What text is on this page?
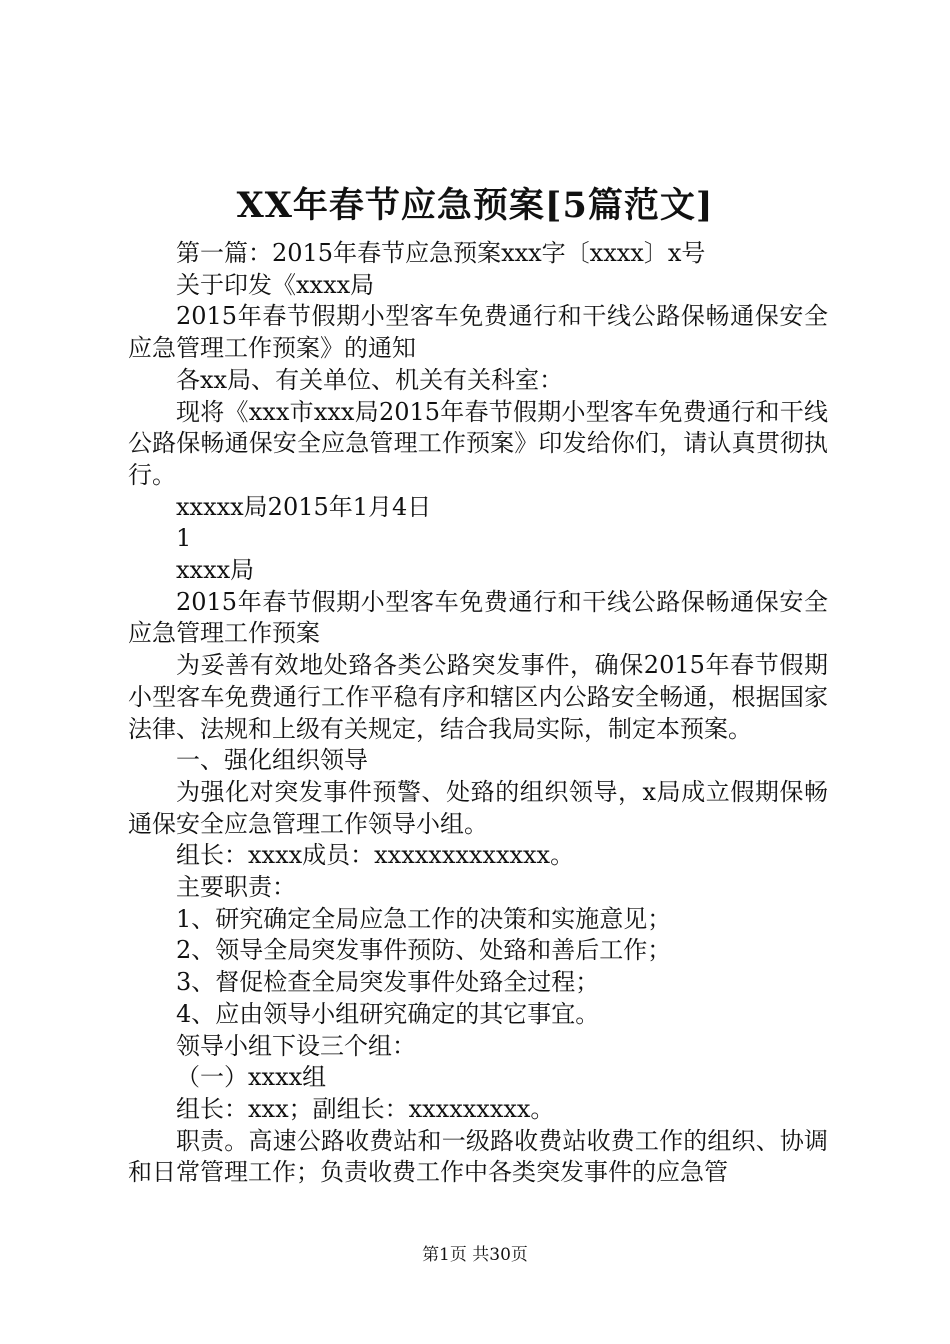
XX年春节应急预案[5篇范文]

第一篇：2015年春节应急预案xxx字〔xxxx〕x号

关于印发《xxxx局

2015年春节假期小型客车免费通行和干线公路保畅通保安全应急管理工作预案》的通知

各xx局、有关单位、机关有关科室：

现将《xxx市xxx局2015年春节假期小型客车免费通行和干线公路保畅通保安全应急管理工作预案》印发给你们，请认真贯彻执行。

xxxxx局2015年1月4日

1

xxxx局

2015年春节假期小型客车免费通行和干线公路保畅通保安全应急管理工作预案

为妥善有效地处臵各类公路突发事件，确保2015年春节假期小型客车免费通行工作平稳有序和辖区内公路安全畅通，根据国家法律、法规和上级有关规定，结合我局实际，制定本预案。

一、强化组织领导

为强化对突发事件预警、处臵的组织领导，x局成立假期保畅通保安全应急管理工作领导小组。

组长：xxxx成员：xxxxxxxxxxxxx。

主要职责：

1、研究确定全局应急工作的决策和实施意见；

2、领导全局突发事件预防、处臵和善后工作；

3、督促检查全局突发事件处臵全过程；

4、应由领导小组研究确定的其它事宜。

领导小组下设三个组：

（一）xxxx组

组长：xxx；副组长：xxxxxxxxx。

职责。高速公路收费站和一级路收费站收费工作的组织、协调和日常管理工作；负责收费工作中各类突发事件的应急管

第1页 共30页
